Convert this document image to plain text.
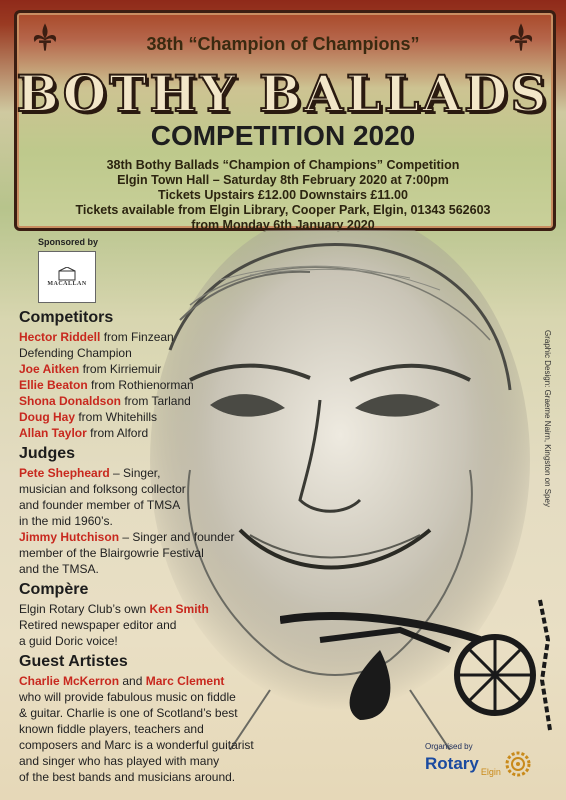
38th “Champion of Champions”
BOTHY BALLADS
COMPETITION 2020
38th Bothy Ballads “Champion of Champions” Competition
Elgin Town Hall – Saturday 8th February 2020 at 7:00pm
Tickets Upstairs £12.00 Downstairs £11.00
Tickets available from Elgin Library, Cooper Park, Elgin, 01343 562603
from Monday 6th January 2020
Sponsored by
MACALLAN
Graphic Design: Graeme Nairn, Kingston on Spey
Competitors
Hector Riddell from Finzean
Defending Champion
Joe Aitken from Kirriemuir
Ellie Beaton from Rothienorman
Shona Donaldson from Tarland
Doug Hay from Whitehills
Allan Taylor from Alford
Judges
Pete Shepheard – Singer,
musician and folksong collector
and founder member of TMSA
in the mid 1960’s.
Jimmy Hutchison – Singer and founder
member of the Blairgowrie Festival
and the TMSA.
Compère
Elgin Rotary Club’s own Ken Smith
Retired newspaper editor and
a guid Doric voice!
Guest Artistes
Charlie McKerron and Marc Clement
who will provide fabulous music on fiddle
& guitar. Charlie is one of Scotland’s best
known fiddle players, teachers and
composers and Marc is a wonderful guitarist
and singer who has played with many
of the best bands and musicians around.
Organised by
Rotary Elgin
